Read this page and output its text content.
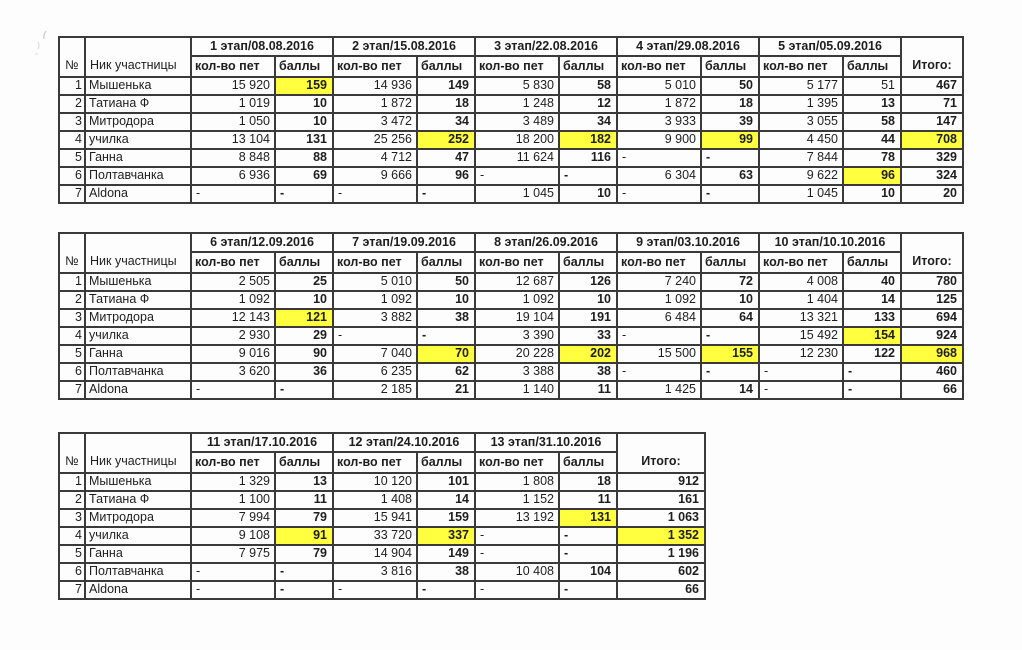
№	Ник участницы	1 этап/08.08.2016		2 этап/15.08.2016		3 этап/22.08.2016		4 этап/29.08.2016		5 этап/05.09.2016		Итого:
		кол-во пет	баллы	кол-во пет	баллы	кол-во пет	баллы	кол-во пет	баллы	кол-во пет	баллы	
1	Мышенька	15 920	159	14 936	149	5 830	58	5 010	50	5 177	51	467
2	Татиана Ф	1 019	10	1 872	18	1 248	12	1 872	18	1 395	13	71
3	Митродора	1 050	10	3 472	34	3 489	34	3 933	39	3 055	58	147
4	училка	13 104	131	25 256	252	18 200	182	9 900	99	4 450	44	708
5	Ганна	8 848	88	4 712	47	11 624	116	-	-	7 844	78	329
6	Полтавчанка	6 936	69	9 666	96	-	-	6 304	63	9 622	96	324
7	Aldona	-	-	-	-	1 045	10	-	-	1 045	10	20
№	Ник участницы	6 этап/12.09.2016		7 этап/19.09.2016		8 этап/26.09.2016		9 этап/03.10.2016		10 этап/10.10.2016		Итого:
		кол-во пет	баллы	кол-во пет	баллы	кол-во пет	баллы	кол-во пет	баллы	кол-во пет	баллы	
1	Мышенька	2 505	25	5 010	50	12 687	126	7 240	72	4 008	40	780
2	Татиана Ф	1 092	10	1 092	10	1 092	10	1 092	10	1 404	14	125
3	Митродора	12 143	121	3 882	38	19 104	191	6 484	64	13 321	133	694
4	училка	2 930	29	-	-	3 390	33	-	-	15 492	154	924
5	Ганна	9 016	90	7 040	70	20 228	202	15 500	155	12 230	122	968
6	Полтавчанка	3 620	36	6 235	62	3 388	38	-	-	-	-	460
7	Aldona	-	-	2 185	21	1 140	11	1 425	14	-	-	66
№	Ник участницы	11 этап/17.10.2016		12 этап/24.10.2016		13 этап/31.10.2016		Итого:
		кол-во пет	баллы	кол-во пет	баллы	кол-во пет	баллы	
1	Мышенька	1 329	13	10 120	101	1 808	18	912
2	Татиана Ф	1 100	11	1 408	14	1 152	11	161
3	Митродора	7 994	79	15 941	159	13 192	131	1 063
4	училка	9 108	91	33 720	337	-	-	1 352
5	Ганна	7 975	79	14 904	149	-	-	1 196
6	Полтавчанка	-	-	3 816	38	10 408	104	602
7	Aldona	-	-	-	-	-	-	66
